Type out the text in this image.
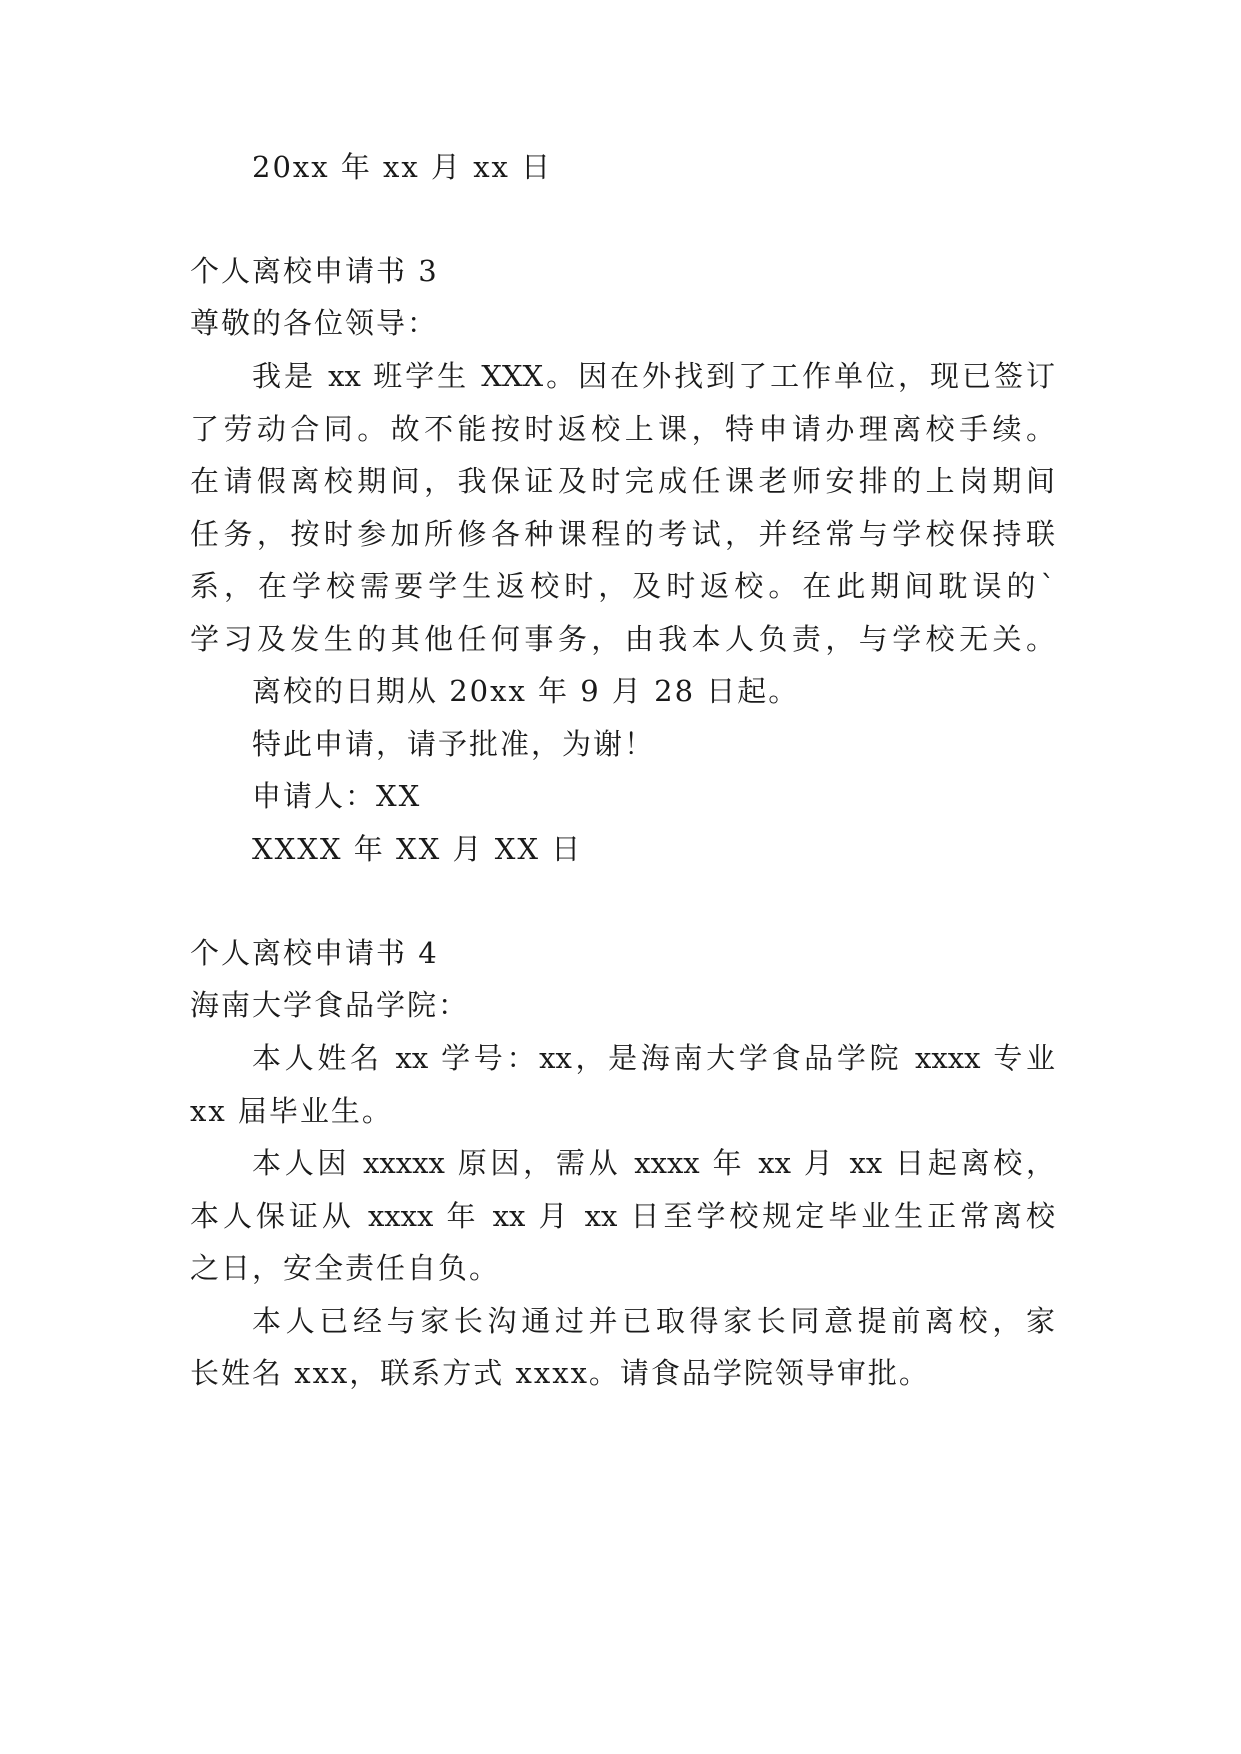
20xx 年 xx 月 xx 日
个人离校申请书 3
尊敬的各位领导：
我是 xx 班学生 XXX。因在外找到了工作单位，现已签订
了劳动合同。故不能按时返校上课，特申请办理离校手续。
在请假离校期间，我保证及时完成任课老师安排的上岗期间
任务，按时参加所修各种课程的考试，并经常与学校保持联
系，在学校需要学生返校时，及时返校。在此期间耽误的`
学习及发生的其他任何事务，由我本人负责，与学校无关。
离校的日期从 20xx 年 9 月 28 日起。
特此申请，请予批准，为谢！
申请人：XX
XXXX 年 XX 月 XX 日
个人离校申请书 4
海南大学食品学院：
本人姓名 xx 学号：xx，是海南大学食品学院 xxxx 专业
xx 届毕业生。
本人因 xxxxx 原因，需从 xxxx 年 xx 月 xx 日起离校，
本人保证从 xxxx 年 xx 月 xx 日至学校规定毕业生正常离校
之日，安全责任自负。
本人已经与家长沟通过并已取得家长同意提前离校，家
长姓名 xxx，联系方式 xxxx。请食品学院领导审批。
